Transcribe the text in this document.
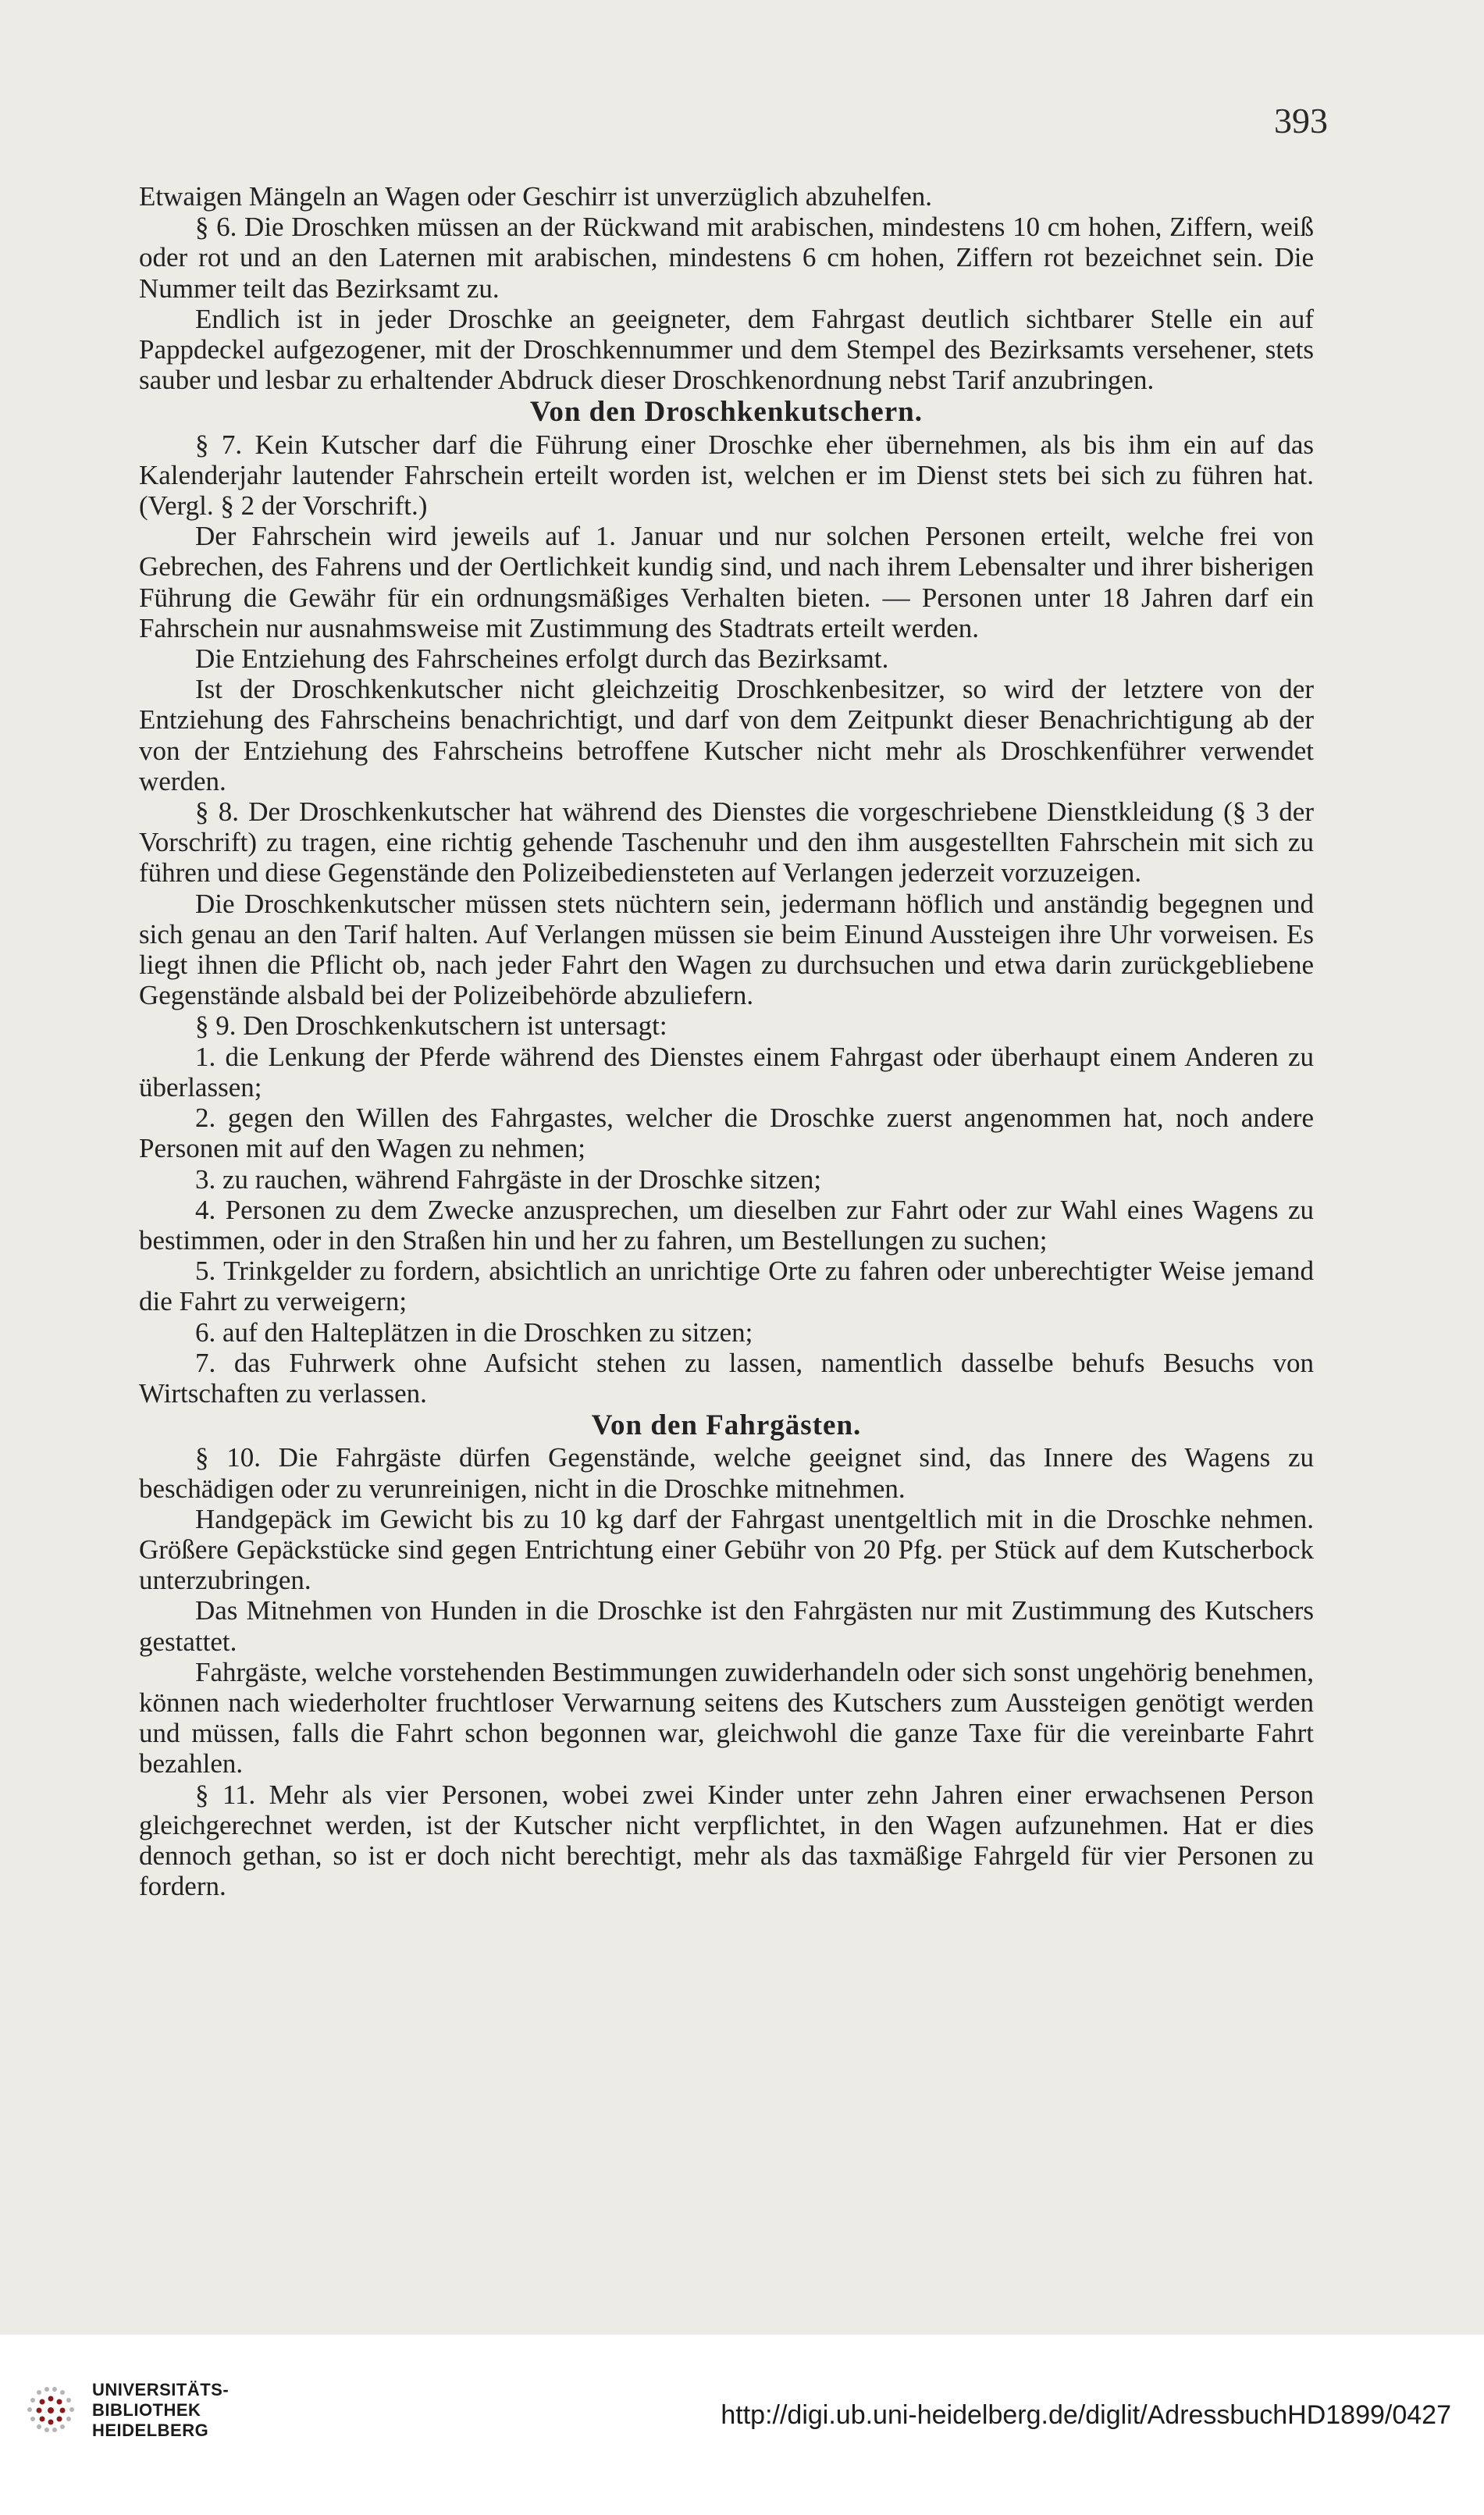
393

Etwaigen Mängeln an Wagen oder Geschirr ist unverzüglich abzuhelfen.

§ 6. Die Droschken müssen an der Rückwand mit arabischen, mindestens 10 cm hohen, Ziffern, weiß oder rot und an den Laternen mit arabischen, mindestens 6 cm hohen, Ziffern rot bezeichnet sein. Die Nummer teilt das Bezirksamt zu.

Endlich ist in jeder Droschke an geeigneter, dem Fahrgast deutlich sichtbarer Stelle ein auf Pappdeckel aufgezogener, mit der Droschkennummer und dem Stempel des Bezirksamts versehener, stets sauber und lesbar zu erhaltender Abdruck dieser Droschkenordnung nebst Tarif anzubringen.

Von den Droschkenkutschern.

§ 7. Kein Kutscher darf die Führung einer Droschke eher übernehmen, als bis ihm ein auf das Kalenderjahr lautender Fahrschein erteilt worden ist, welchen er im Dienst stets bei sich zu führen hat. (Vergl. § 2 der Vorschrift.)

Der Fahrschein wird jeweils auf 1. Januar und nur solchen Personen erteilt, welche frei von Gebrechen, des Fahrens und der Oertlichkeit kundig sind, und nach ihrem Lebensalter und ihrer bisherigen Führung die Gewähr für ein ordnungsmäßiges Verhalten bieten. — Personen unter 18 Jahren darf ein Fahrschein nur ausnahmsweise mit Zustimmung des Stadtrats erteilt werden.

Die Entziehung des Fahrscheines erfolgt durch das Bezirksamt.

Ist der Droschkenkutscher nicht gleichzeitig Droschkenbesitzer, so wird der letztere von der Entziehung des Fahrscheins benachrichtigt, und darf von dem Zeitpunkt dieser Benachrichtigung ab der von der Entziehung des Fahrscheins betroffene Kutscher nicht mehr als Droschkenführer verwendet werden.

§ 8. Der Droschkenkutscher hat während des Dienstes die vorgeschriebene Dienstkleidung (§ 3 der Vorschrift) zu tragen, eine richtig gehende Taschenuhr und den ihm ausgestellten Fahrschein mit sich zu führen und diese Gegenstände den Polizeibediensteten auf Verlangen jederzeit vorzuzeigen.

Die Droschkenkutscher müssen stets nüchtern sein, jedermann höflich und anständig begegnen und sich genau an den Tarif halten. Auf Verlangen müssen sie beim Einund Aussteigen ihre Uhr vorweisen. Es liegt ihnen die Pflicht ob, nach jeder Fahrt den Wagen zu durchsuchen und etwa darin zurückgebliebene Gegenstände alsbald bei der Polizeibehörde abzuliefern.

§ 9. Den Droschkenkutschern ist untersagt:

1. die Lenkung der Pferde während des Dienstes einem Fahrgast oder überhaupt einem Anderen zu überlassen;

2. gegen den Willen des Fahrgastes, welcher die Droschke zuerst angenommen hat, noch andere Personen mit auf den Wagen zu nehmen;

3. zu rauchen, während Fahrgäste in der Droschke sitzen;

4. Personen zu dem Zwecke anzusprechen, um dieselben zur Fahrt oder zur Wahl eines Wagens zu bestimmen, oder in den Straßen hin und her zu fahren, um Bestellungen zu suchen;

5. Trinkgelder zu fordern, absichtlich an unrichtige Orte zu fahren oder unberechtigter Weise jemand die Fahrt zu verweigern;

6. auf den Halteplätzen in die Droschken zu sitzen;

7. das Fuhrwerk ohne Aufsicht stehen zu lassen, namentlich dasselbe behufs Besuchs von Wirtschaften zu verlassen.

Von den Fahrgästen.

§ 10. Die Fahrgäste dürfen Gegenstände, welche geeignet sind, das Innere des Wagens zu beschädigen oder zu verunreinigen, nicht in die Droschke mitnehmen.

Handgepäck im Gewicht bis zu 10 kg darf der Fahrgast unentgeltlich mit in die Droschke nehmen. Größere Gepäckstücke sind gegen Entrichtung einer Gebühr von 20 Pfg. per Stück auf dem Kutscherbock unterzubringen.

Das Mitnehmen von Hunden in die Droschke ist den Fahrgästen nur mit Zustimmung des Kutschers gestattet.

Fahrgäste, welche vorstehenden Bestimmungen zuwiderhandeln oder sich sonst ungehörig benehmen, können nach wiederholter fruchtloser Verwarnung seitens des Kutschers zum Aussteigen genötigt werden und müssen, falls die Fahrt schon begonnen war, gleichwohl die ganze Taxe für die vereinbarte Fahrt bezahlen.

§ 11. Mehr als vier Personen, wobei zwei Kinder unter zehn Jahren einer erwachsenen Person gleichgerechnet werden, ist der Kutscher nicht verpflichtet, in den Wagen aufzunehmen. Hat er dies dennoch gethan, so ist er doch nicht berechtigt, mehr als das taxmäßige Fahrgeld für vier Personen zu fordern.

UNIVERSITÄTS-
BIBLIOTHEK
HEIDELBERG
http://digi.ub.uni-heidelberg.de/diglit/AdressbuchHD1899/0427
